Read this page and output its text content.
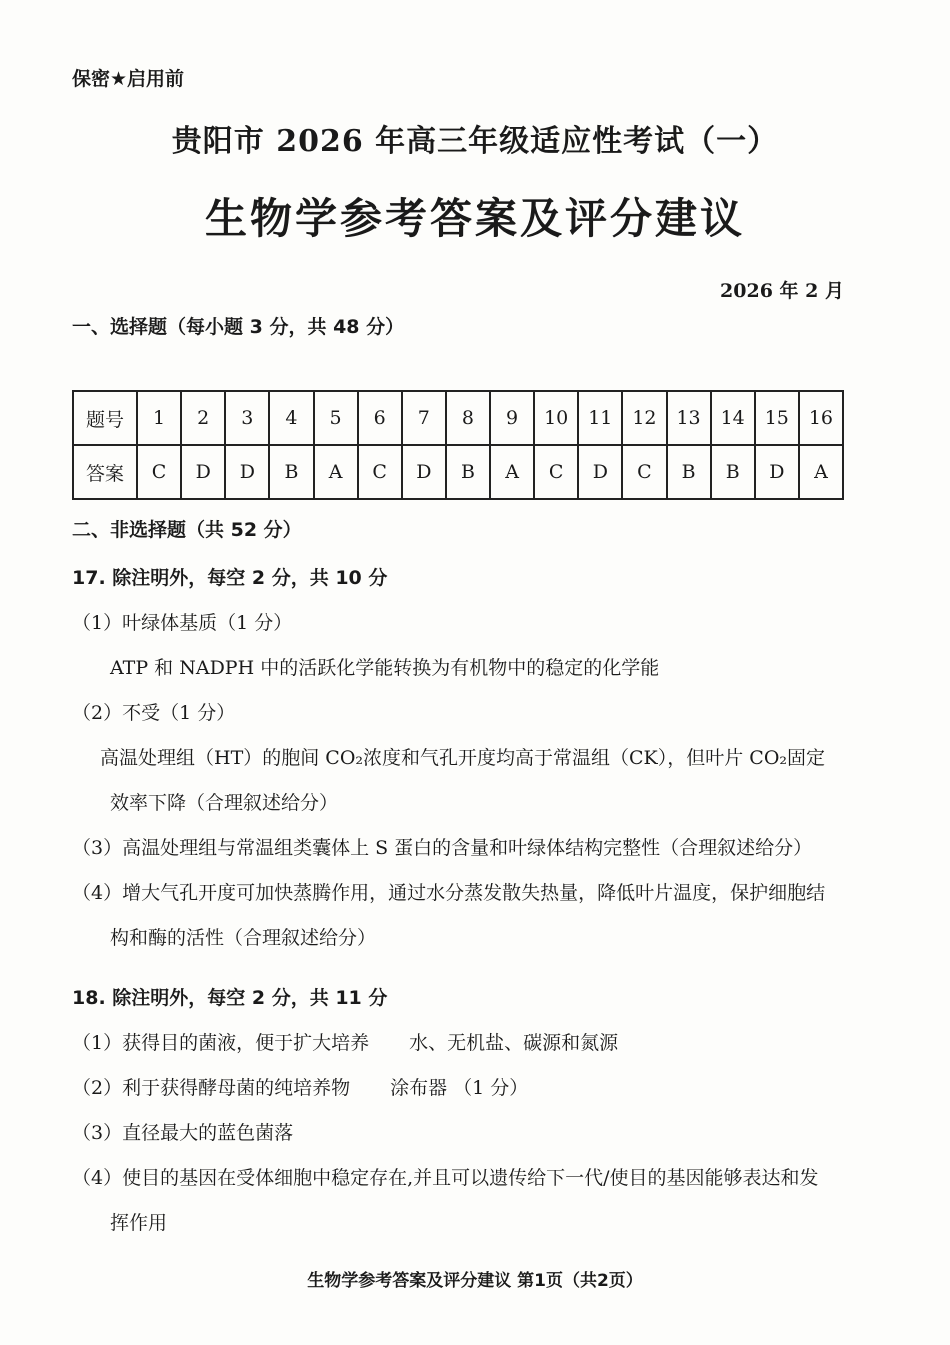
保密★启用前
贵阳市 2026 年高三年级适应性考试（一）
生物学参考答案及评分建议
2026 年 2 月
一、选择题（每小题 3 分，共 48 分）
题号	1	2	3	4	5	6	7	8	9	10	11	12	13	14	15	16
答案	C	D	D	B	A	C	D	B	A	C	D	C	B	B	D	A
二、非选择题（共 52 分）
17. 除注明外，每空 2 分，共 10 分
（1）叶绿体基质（1 分）
ATP 和 NADPH 中的活跃化学能转换为有机物中的稳定的化学能
（2）不受（1 分）
高温处理组（HT）的胞间 CO₂浓度和气孔开度均高于常温组（CK），但叶片 CO₂固定
效率下降（合理叙述给分）
（3）高温处理组与常温组类囊体上 S 蛋白的含量和叶绿体结构完整性（合理叙述给分）
（4）增大气孔开度可加快蒸腾作用，通过水分蒸发散失热量，降低叶片温度，保护细胞结
构和酶的活性（合理叙述给分）
18. 除注明外，每空 2 分，共 11 分
（1）获得目的菌液，便于扩大培养 水、无机盐、碳源和氮源
（2）利于获得酵母菌的纯培养物 涂布器 （1 分）
（3）直径最大的蓝色菌落
（4）使目的基因在受体细胞中稳定存在,并且可以遗传给下一代/使目的基因能够表达和发
挥作用
生物学参考答案及评分建议 第1页（共2页）
